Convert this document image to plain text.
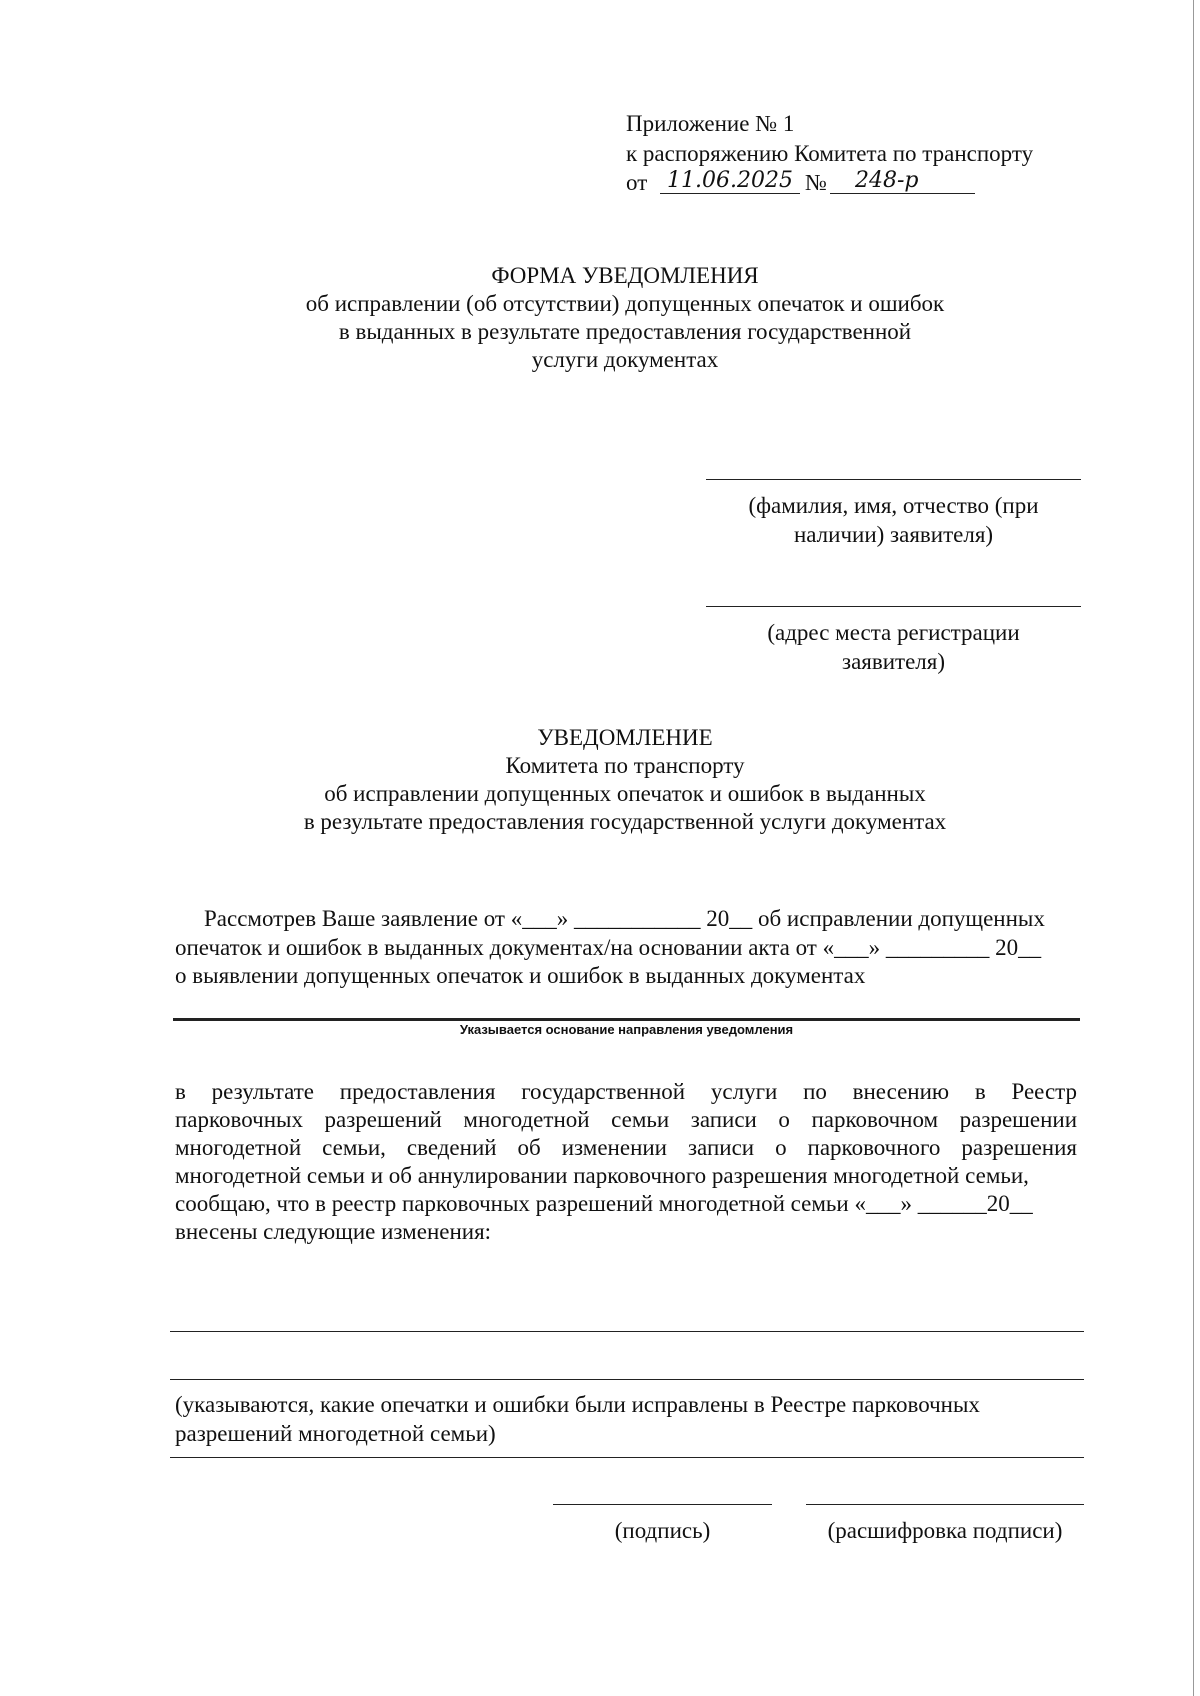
Приложение № 1
к распоряжению Комитета по транспорту
от 11.06.2025 №	248-р
ФОРМА УВЕДОМЛЕНИЯ
об исправлении (об отсутствии) допущенных опечаток и ошибок
в выданных в результате предоставления государственной
услуги документах
(фамилия, имя, отчество (при
наличии) заявителя)
(адрес места регистрации
заявителя)
УВЕДОМЛЕНИЕ
Комитета по транспорту
об исправлении допущенных опечаток и ошибок в выданных
в результате предоставления государственной услуги документах
Рассмотрев Ваше заявление от «___» ___________ 20__ об исправлении допущенных
опечаток и ошибок в выданных документах/на основании акта от «___» _________ 20__
о выявлении допущенных опечаток и ошибок в выданных документах
Указывается основание направления уведомления
в результате предоставления государственной услуги по внесению в Реестр
парковочных разрешений многодетной семьи записи о парковочном разрешении
многодетной семьи, сведений об изменении записи о парковочного разрешения
многодетной семьи и об аннулировании парковочного разрешения многодетной семьи,
сообщаю, что в реестр парковочных разрешений многодетной семьи «___» ______20__
внесены следующие изменения:
(указываются, какие опечатки и ошибки были исправлены в Реестре парковочных
разрешений многодетной семьи)
(подпись)	(расшифровка подписи)
